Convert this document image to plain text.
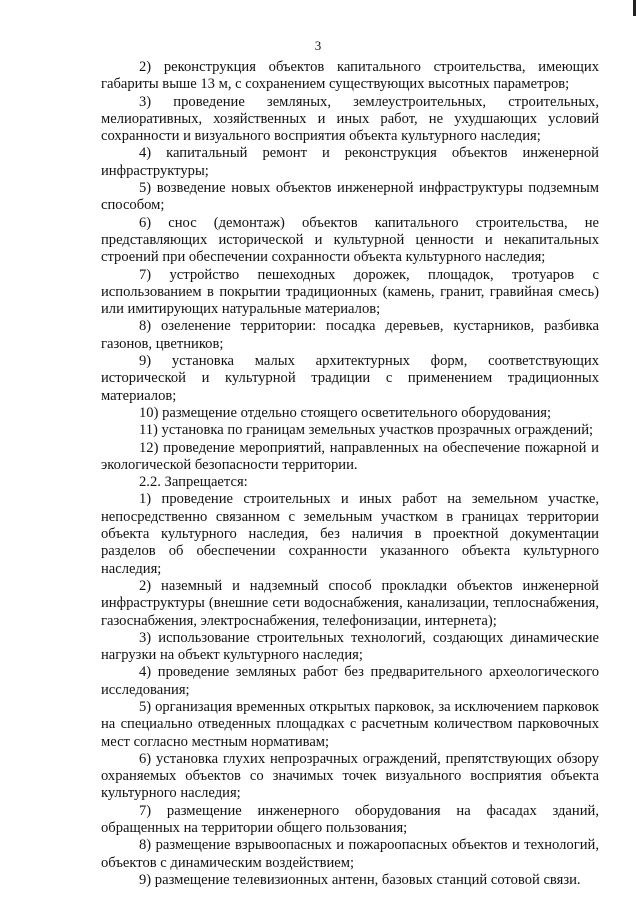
3

2) реконструкция объектов капитального строительства, имеющих габариты выше 13 м, с сохранением существующих высотных параметров;

3) проведение земляных, землеустроительных, строительных, мелиоративных, хозяйственных и иных работ, не ухудшающих условий сохранности и визуального восприятия объекта культурного наследия;

4) капитальный ремонт и реконструкция объектов инженерной инфраструктуры;

5) возведение новых объектов инженерной инфраструктуры подземным способом;

6) снос (демонтаж) объектов капитального строительства, не представляющих исторической и культурной ценности и некапитальных строений при обеспечении сохранности объекта культурного наследия;

7) устройство пешеходных дорожек, площадок, тротуаров с использованием в покрытии традиционных (камень, гранит, гравийная смесь) или имитирующих натуральные материалов;

8) озеленение территории: посадка деревьев, кустарников, разбивка газонов, цветников;

9) установка малых архитектурных форм, соответствующих исторической и культурной традиции с применением традиционных материалов;

10) размещение отдельно стоящего осветительного оборудования;

11) установка по границам земельных участков прозрачных ограждений;

12) проведение мероприятий, направленных на обеспечение пожарной и экологической безопасности территории.

2.2. Запрещается:

1) проведение строительных и иных работ на земельном участке, непосредственно связанном с земельным участком в границах территории объекта культурного наследия, без наличия в проектной документации разделов об обеспечении сохранности указанного объекта культурного наследия;

2) наземный и надземный способ прокладки объектов инженерной инфраструктуры (внешние сети водоснабжения, канализации, теплоснабжения, газоснабжения, электроснабжения, телефонизации, интернета);

3) использование строительных технологий, создающих динамические нагрузки на объект культурного наследия;

4) проведение земляных работ без предварительного археологического исследования;

5) организация временных открытых парковок, за исключением парковок на специально отведенных площадках с расчетным количеством парковочных мест согласно местным нормативам;

6) установка глухих непрозрачных ограждений, препятствующих обзору охраняемых объектов со значимых точек визуального восприятия объекта культурного наследия;

7) размещение инженерного оборудования на фасадах зданий, обращенных на территории общего пользования;

8) размещение взрывоопасных и пожароопасных объектов и технологий, объектов с динамическим воздействием;

9) размещение телевизионных антенн, базовых станций сотовой связи.
